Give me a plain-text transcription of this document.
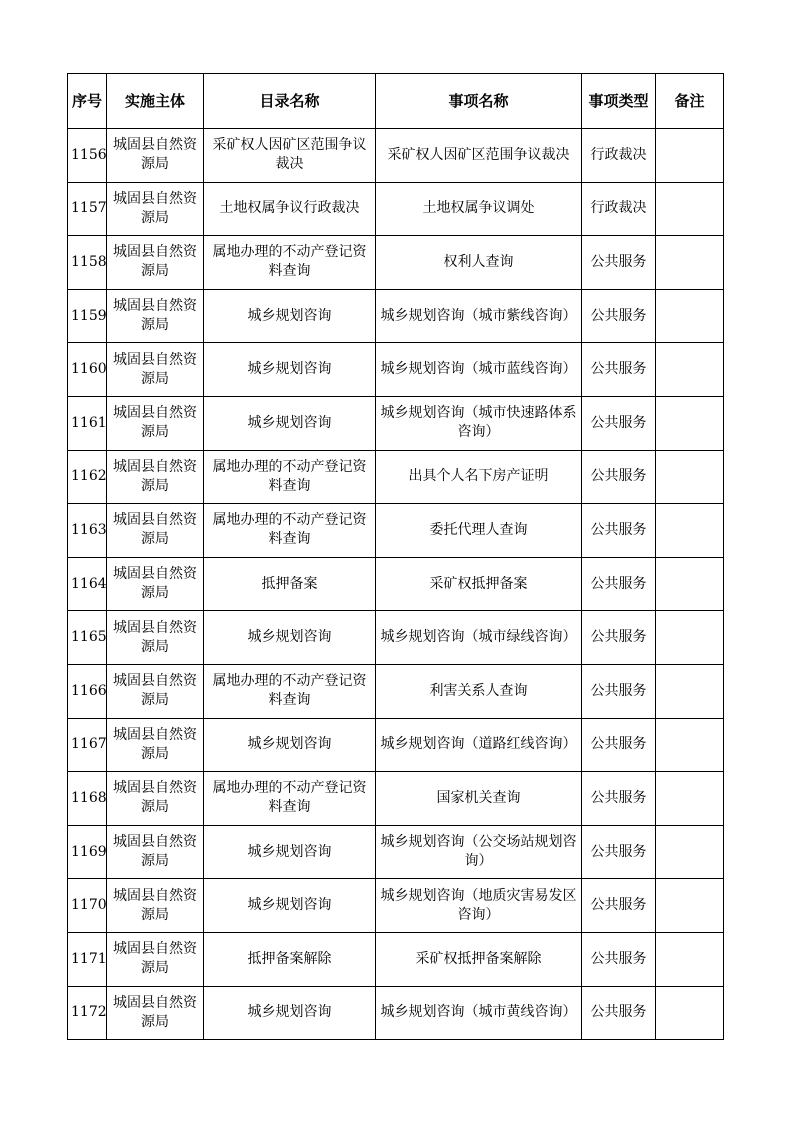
序号	实施主体	目录名称	事项名称	事项类型	备注
1156	城固县自然资源局	采矿权人因矿区范围争议裁决	采矿权人因矿区范围争议裁决	行政裁决	
1157	城固县自然资源局	土地权属争议行政裁决	土地权属争议调处	行政裁决	
1158	城固县自然资源局	属地办理的不动产登记资料查询	权利人查询	公共服务	
1159	城固县自然资源局	城乡规划咨询	城乡规划咨询（城市紫线咨询）	公共服务	
1160	城固县自然资源局	城乡规划咨询	城乡规划咨询（城市蓝线咨询）	公共服务	
1161	城固县自然资源局	城乡规划咨询	城乡规划咨询（城市快速路体系咨询）	公共服务	
1162	城固县自然资源局	属地办理的不动产登记资料查询	出具个人名下房产证明	公共服务	
1163	城固县自然资源局	属地办理的不动产登记资料查询	委托代理人查询	公共服务	
1164	城固县自然资源局	抵押备案	采矿权抵押备案	公共服务	
1165	城固县自然资源局	城乡规划咨询	城乡规划咨询（城市绿线咨询）	公共服务	
1166	城固县自然资源局	属地办理的不动产登记资料查询	利害关系人查询	公共服务	
1167	城固县自然资源局	城乡规划咨询	城乡规划咨询（道路红线咨询）	公共服务	
1168	城固县自然资源局	属地办理的不动产登记资料查询	国家机关查询	公共服务	
1169	城固县自然资源局	城乡规划咨询	城乡规划咨询（公交场站规划咨询）	公共服务	
1170	城固县自然资源局	城乡规划咨询	城乡规划咨询（地质灾害易发区咨询）	公共服务	
1171	城固县自然资源局	抵押备案解除	采矿权抵押备案解除	公共服务	
1172	城固县自然资源局	城乡规划咨询	城乡规划咨询（城市黄线咨询）	公共服务	
